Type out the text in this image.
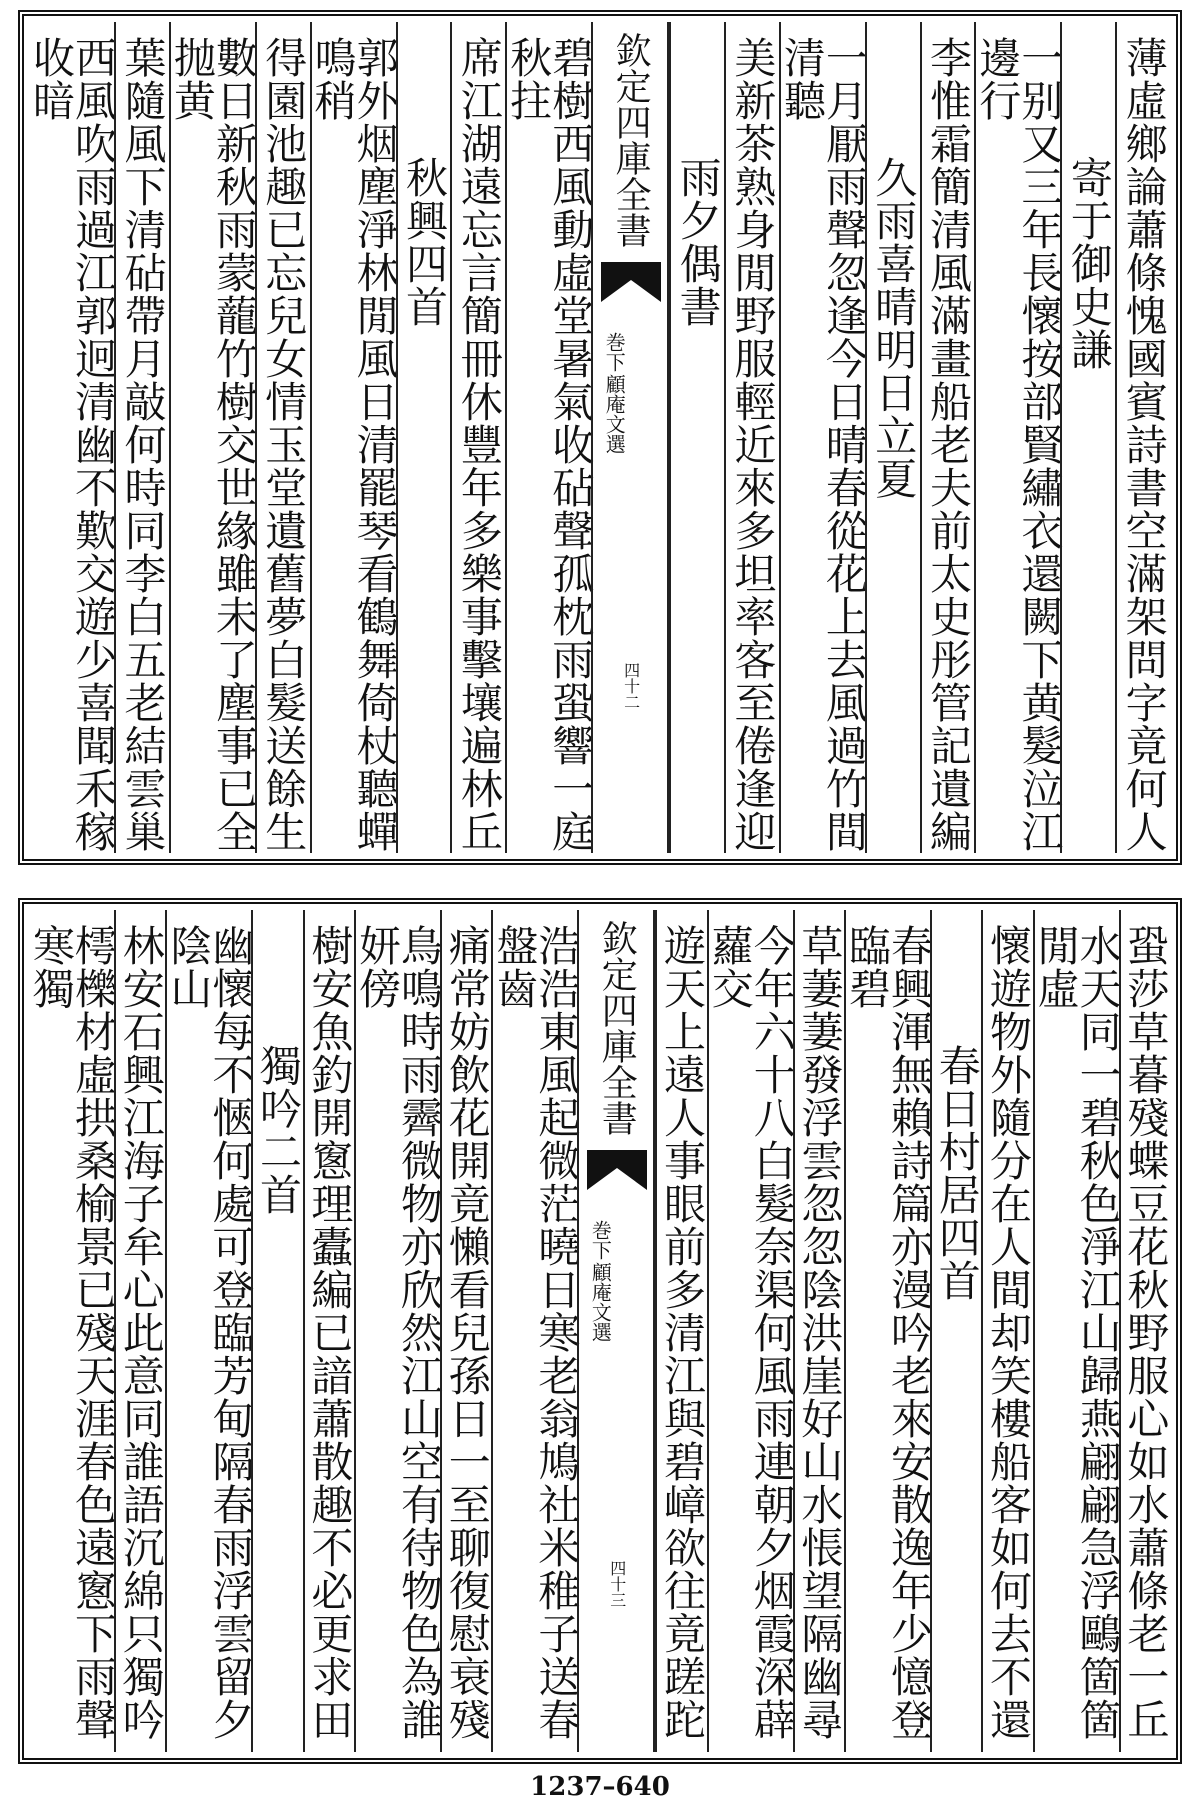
薄虛鄉論蕭條愧國賓詩書空滿架問字竟何人
寄于御史謙
一别又三年長懷按部賢繡衣還闕下黄髮泣江邊行
李惟霜簡清風滿畫船老夫前太史彤管記遺編
久雨喜晴明日立夏
一月厭雨聲忽逢今日晴春從花上去風過竹間清聽
美新茶熟身閒野服輕近來多坦率客至倦逢迎
雨夕偶書
欽定四庫全書
顧庵文選
巻下
四十二
碧樹西風動虛堂暑氣收砧聲孤枕雨蛩響一庭秋拄
席江湖遠忘言簡冊休豐年多樂事擊壤遍林丘
秋興四首
郭外烟塵淨林閒風日清罷琴看鶴舞倚杖聽蟬鳴稍
得園池趣已忘兒女情玉堂遺舊夢白髮送餘生
數日新秋雨蒙蘢竹樹交世緣雖未了塵事已全抛黄
葉隨風下清砧帶月敲何時同李白五老結雲巢
西風吹雨過江郭迥清幽不歎交遊少喜聞禾稼收暗
蛩莎草暮殘蝶豆花秋野服心如水蕭條老一丘
水天同一碧秋色淨江山歸燕翩翩急浮鷗箇箇閒虛
懷遊物外隨分在人間却笑樓船客如何去不還
春日村居四首
春興渾無賴詩篇亦漫吟老來安散逸年少憶登臨碧
草萋萋發浮雲忽忽陰洪崖好山水悵望隔幽尋
今年六十八白髮奈渠何風雨連朝夕烟霞深薜蘿交
遊天上遠人事眼前多清江與碧嶂欲往竟蹉跎
欽定四庫全書
顧庵文選
巻下
四十三
浩浩東風起微茫曉日寒老翁鳩社米稚子送春盤齒
痛常妨飲花開竟懶看兒孫日一至聊復慰衰殘
鳥鳴時雨霽微物亦欣然江山空有待物色為誰妍傍
樹安魚釣開窻理蠹編已諳蕭散趣不必更求田
獨吟二首
幽懷每不愜何處可登臨芳甸隔春雨浮雲留夕陰山
林安石興江海子牟心此意同誰語沉綿只獨吟
樗櫟材虛拱桑榆景已殘天涯春色遠窻下雨聲寒獨
1237–640
